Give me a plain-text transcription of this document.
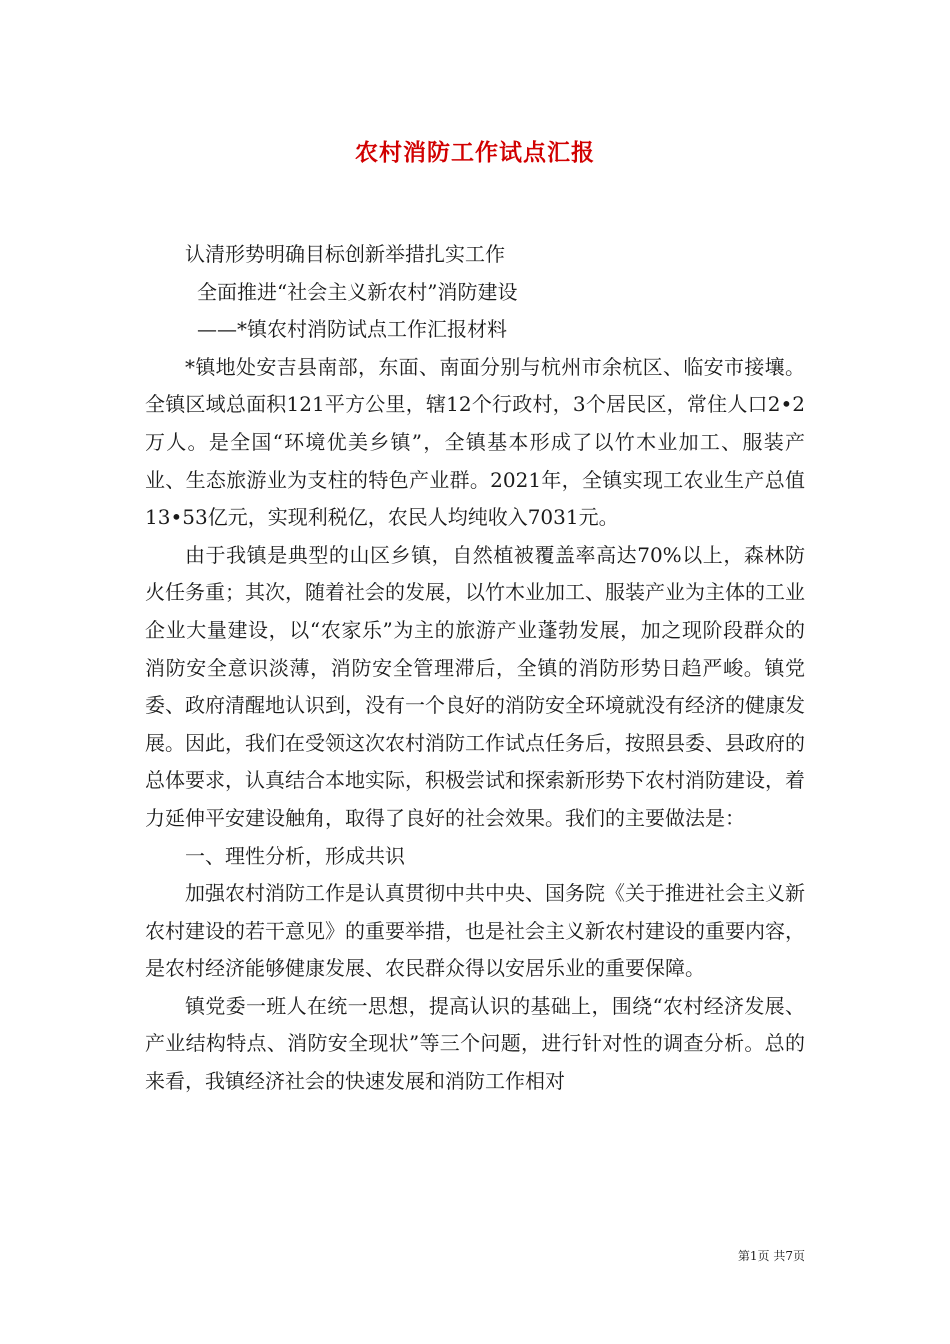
农村消防工作试点汇报

认清形势明确目标创新举措扎实工作

全面推进“社会主义新农村”消防建设

——*镇农村消防试点工作汇报材料

*镇地处安吉县南部，东面、南面分别与杭州市余杭区、临安市接壤。全镇区域总面积121平方公里，辖12个行政村，3个居民区，常住人口2•2万人。是全国“环境优美乡镇”，全镇基本形成了以竹木业加工、服装产业、生态旅游业为支柱的特色产业群。2021年，全镇实现工农业生产总值13•53亿元，实现利税亿，农民人均纯收入7031元。

由于我镇是典型的山区乡镇，自然植被覆盖率高达70%以上，森林防火任务重；其次，随着社会的发展，以竹木业加工、服装产业为主体的工业企业大量建设，以“农家乐”为主的旅游产业蓬勃发展，加之现阶段群众的消防安全意识淡薄，消防安全管理滞后，全镇的消防形势日趋严峻。镇党委、政府清醒地认识到，没有一个良好的消防安全环境就没有经济的健康发展。因此，我们在受领这次农村消防工作试点任务后，按照县委、县政府的总体要求，认真结合本地实际，积极尝试和探索新形势下农村消防建设，着力延伸平安建设触角，取得了良好的社会效果。我们的主要做法是：

一、理性分析，形成共识

加强农村消防工作是认真贯彻中共中央、国务院《关于推进社会主义新农村建设的若干意见》的重要举措，也是社会主义新农村建设的重要内容，是农村经济能够健康发展、农民群众得以安居乐业的重要保障。

镇党委一班人在统一思想，提高认识的基础上，围绕“农村经济发展、产业结构特点、消防安全现状”等三个问题，进行针对性的调查分析。总的来看，我镇经济社会的快速发展和消防工作相对

第1页 共7页
